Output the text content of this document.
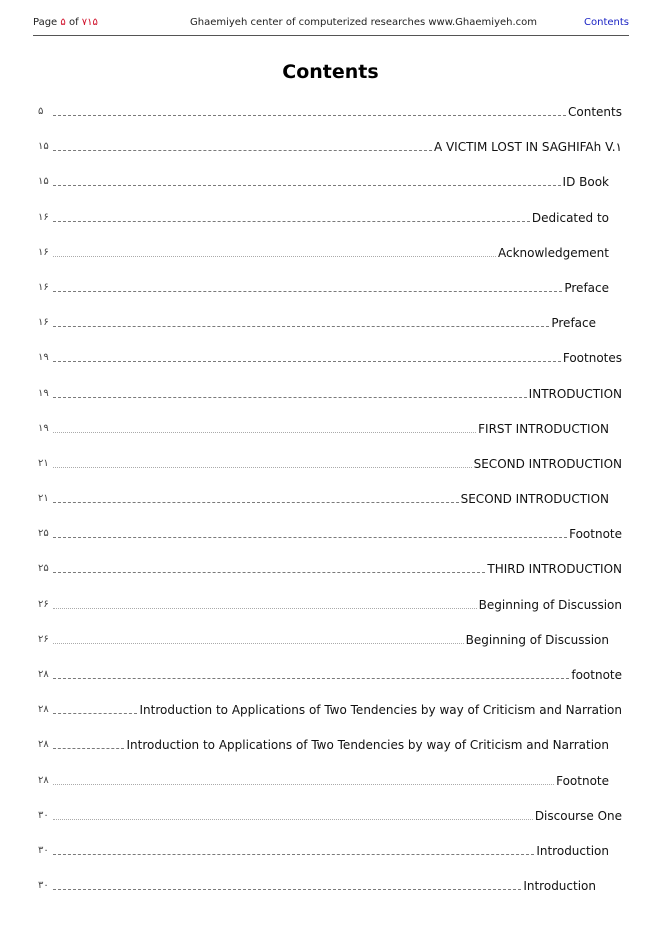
Page ۵ of ۷۱۵	Ghaemiyeh center of computerized researches www.Ghaemiyeh.com	Contents
Contents
۵	Contents
۱۵	A VICTIM LOST IN SAGHIFAh V.۱
۱۵	ID Book
۱۶	Dedicated to
۱۶	Acknowledgement
۱۶	Preface
۱۶	Preface
۱۹	Footnotes
۱۹	INTRODUCTION
۱۹	FIRST INTRODUCTION
۲۱	SECOND INTRODUCTION
۲۱	SECOND INTRODUCTION
۲۵	Footnote
۲۵	THIRD INTRODUCTION
۲۶	Beginning of Discussion
۲۶	Beginning of Discussion
۲۸	footnote
۲۸	Introduction to Applications of Two Tendencies by way of Criticism and Narration
۲۸	Introduction to Applications of Two Tendencies by way of Criticism and Narration
۲۸	Footnote
۳۰	Discourse One
۳۰	Introduction
۳۰	Introduction
